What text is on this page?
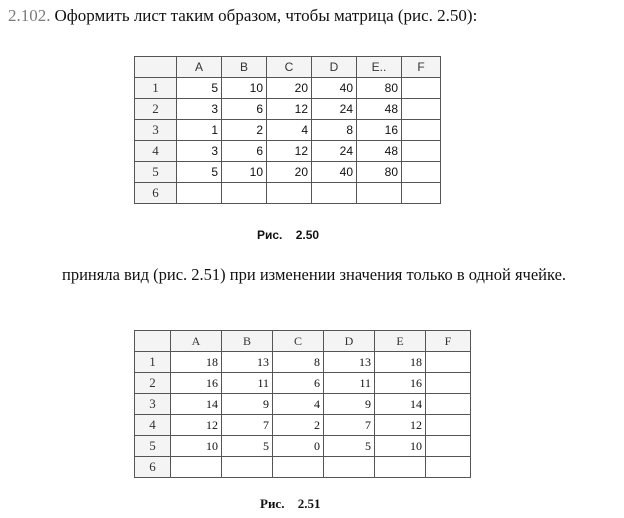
2.102. Оформить лист таким образом, чтобы матрица (рис. 2.50):
	A	B	C	D	E..	F
1	5	10	20	40	80	
2	3	6	12	24	48	
3	1	2	4	8	16	
4	3	6	12	24	48	
5	5	10	20	40	80	
6						
Рис. 2.50
приняла вид (рис. 2.51) при изменении значения только в одной ячейке.
	A	B	C	D	E	F
1	18	13	8	13	18	
2	16	11	6	11	16	
3	14	9	4	9	14	
4	12	7	2	7	12	
5	10	5	0	5	10	
6						
Рис. 2.51
